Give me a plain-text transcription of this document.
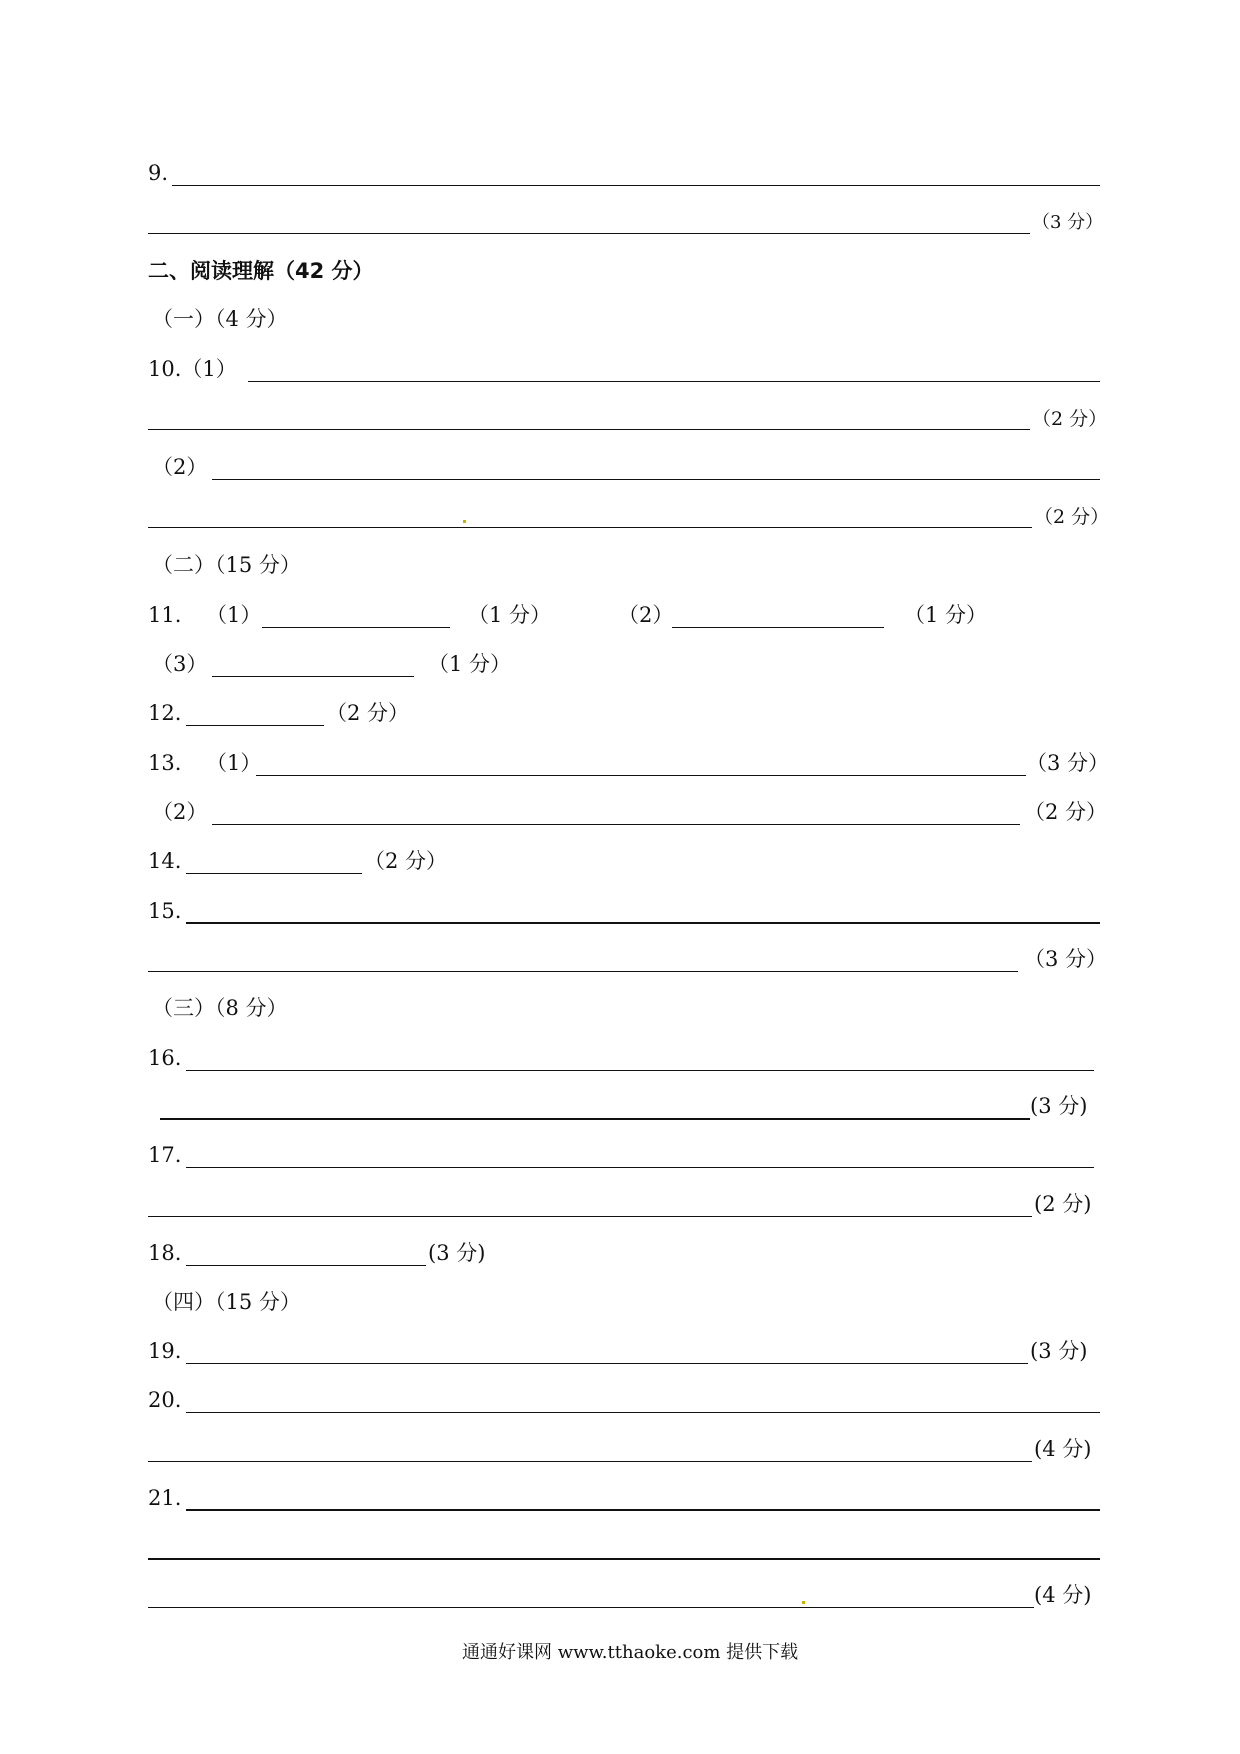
9.
（3 分）
二、阅读理解（42 分）
（一）（4 分）
10.（1）
（2 分）
（2）
（2 分）
（二）（15 分）
11. （1）	（1 分）	（2）	（1 分）
（3）	（1 分）
12.	（2 分）
13. （1）	（3 分）
（2）	（2 分）
14.	（2 分）
15.
（3 分）
（三）（8 分）
16.
(3 分)
17.
(2 分)
18.	(3 分)
（四）（15 分）
19.	(3 分)
20.
(4 分)
21.
(4 分)
通通好课网 www.tthaoke.com 提供下载
